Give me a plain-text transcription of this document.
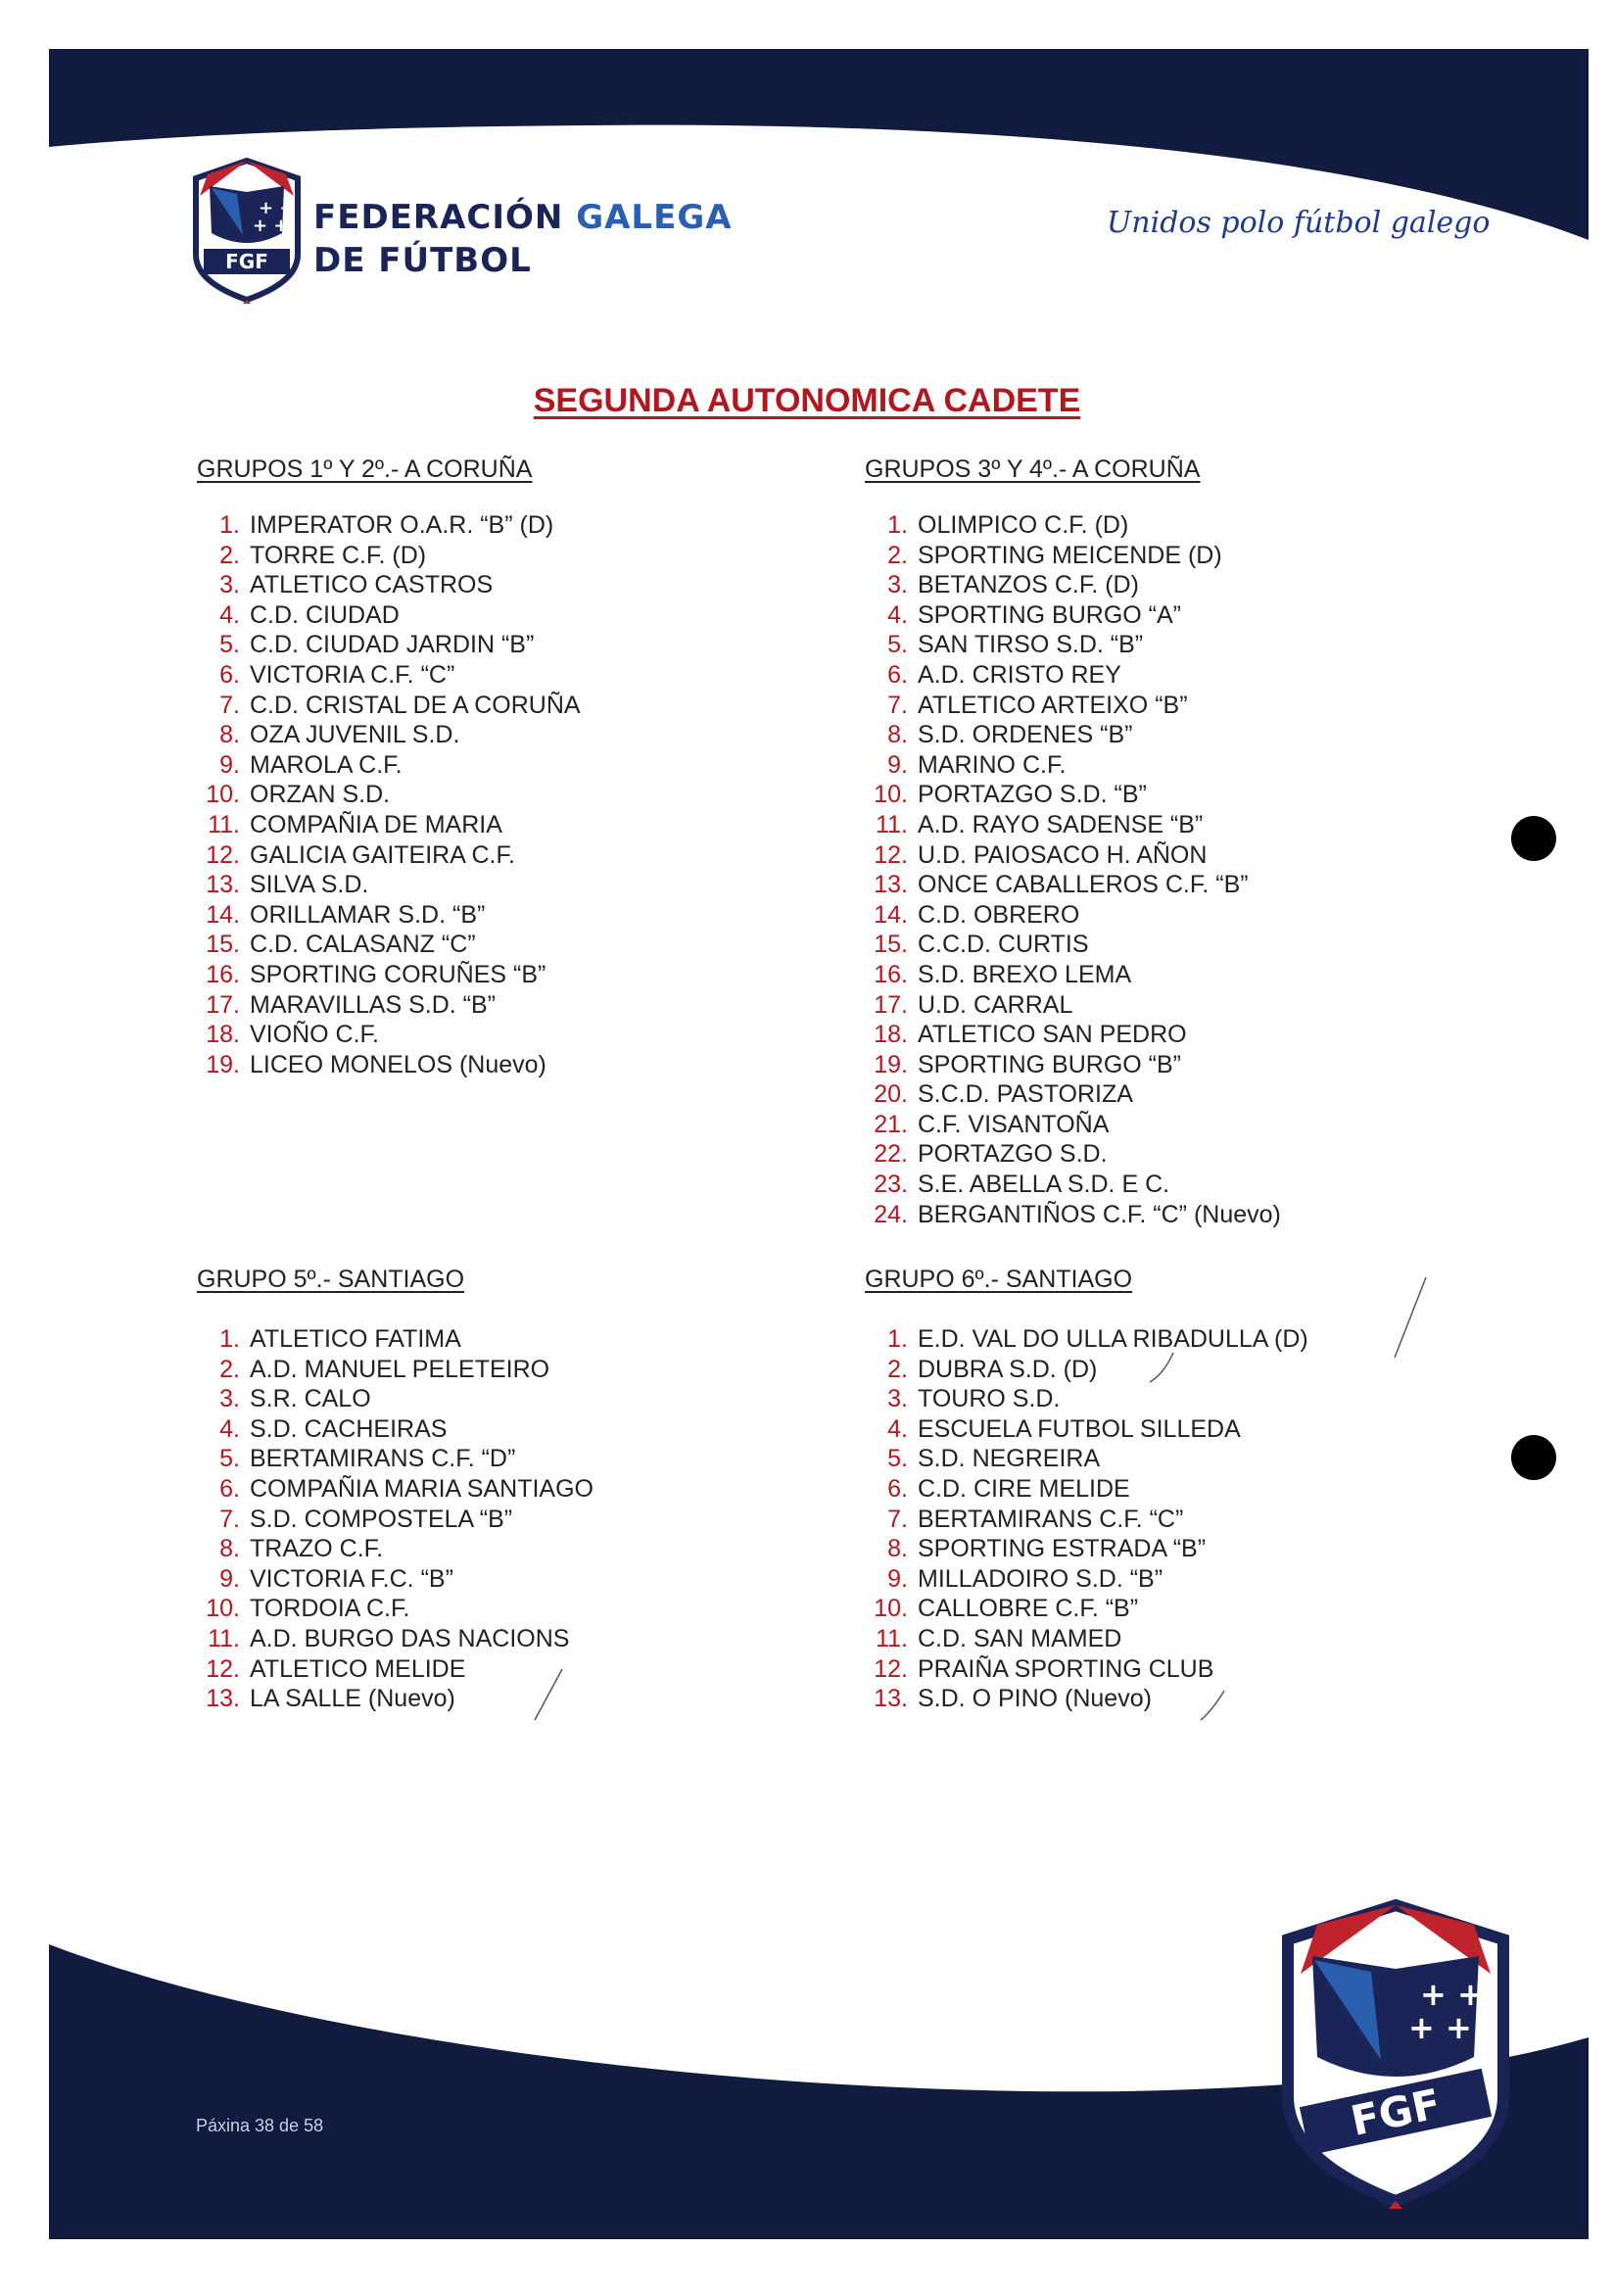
+ +
+ +
FGF
FEDERACIÓN GALEGA
DE FÚTBOL
Unidos polo fútbol galego
SEGUNDA AUTONOMICA CADETE
GRUPOS 1º Y 2º.- A CORUÑA
1 . IMPERATOR O.A.R. “B” (D)
2 . TORRE C.F. (D)
3 . ATLETICO CASTROS
4 . C.D. CIUDAD
5 . C.D. CIUDAD JARDIN “B”
6 . VICTORIA C.F. “C”
7 . C.D. CRISTAL DE A CORUÑA
8 . OZA JUVENIL S.D.
9 . MAROLA C.F.
10 . ORZAN S.D.
11 . COMPAÑIA DE MARIA
12 . GALICIA GAITEIRA C.F.
13 . SILVA S.D.
14 . ORILLAMAR S.D. “B”
15 . C.D. CALASANZ “C”
16 . SPORTING CORUÑES “B”
17 . MARAVILLAS S.D. “B”
18 . VIOÑO C.F.
19 . LICEO MONELOS (Nuevo)
GRUPOS 3º Y 4º.- A CORUÑA
1 . OLIMPICO C.F. (D)
2 . SPORTING MEICENDE (D)
3 . BETANZOS C.F. (D)
4 . SPORTING BURGO “A”
5 . SAN TIRSO S.D. “B”
6 . A.D. CRISTO REY
7 . ATLETICO ARTEIXO “B”
8 . S.D. ORDENES “B”
9 . MARINO C.F.
10 . PORTAZGO S.D. “B”
11 . A.D. RAYO SADENSE “B”
12 . U.D. PAIOSACO H. AÑON
13 . ONCE CABALLEROS C.F. “B”
14 . C.D. OBRERO
15 . C.C.D. CURTIS
16 . S.D. BREXO LEMA
17 . U.D. CARRAL
18 . ATLETICO SAN PEDRO
19 . SPORTING BURGO “B”
20 . S.C.D. PASTORIZA
21 . C.F. VISANTOÑA
22 . PORTAZGO S.D.
23 . S.E. ABELLA S.D. E C.
24 . BERGANTIÑOS C.F. “C” (Nuevo)
GRUPO 5º.- SANTIAGO
1 . ATLETICO FATIMA
2 . A.D. MANUEL PELETEIRO
3 . S.R. CALO
4 . S.D. CACHEIRAS
5 . BERTAMIRANS C.F. “D”
6 . COMPAÑIA MARIA SANTIAGO
7 . S.D. COMPOSTELA “B”
8 . TRAZO C.F.
9 . VICTORIA F.C. “B”
10 . TORDOIA C.F.
11 . A.D. BURGO DAS NACIONS
12 . ATLETICO MELIDE
13 . LA SALLE (Nuevo)
GRUPO 6º.- SANTIAGO
1 . E.D. VAL DO ULLA RIBADULLA (D)
2 . DUBRA S.D. (D)
3 . TOURO S.D.
4 . ESCUELA FUTBOL SILLEDA
5 . S.D. NEGREIRA
6 . C.D. CIRE MELIDE
7 . BERTAMIRANS C.F. “C”
8 . SPORTING ESTRADA “B”
9 . MILLADOIRO S.D. “B”
10 . CALLOBRE C.F. “B”
11 . C.D. SAN MAMED
12 . PRAIÑA SPORTING CLUB
13 . S.D. O PINO (Nuevo)
Páxina 38 de 58
+ +
+ +
FGF
